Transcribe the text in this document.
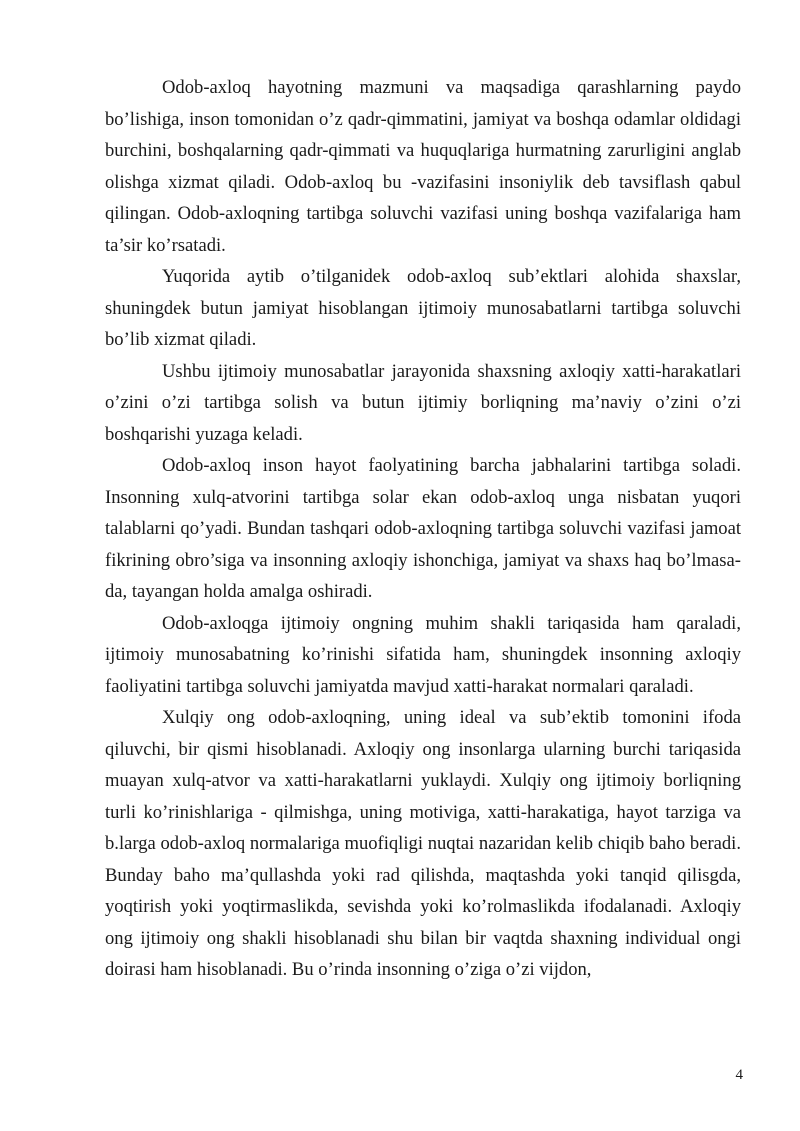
Odob-axloq hayotning mazmuni va maqsadiga qarashlarning paydo bo’lishiga, inson tomonidan o’z qadr-qimmatini, jamiyat va boshqa odamlar oldidagi burchini, boshqalarning qadr-qimmati va huquqlariga hurmatning zarurligini anglab olishga xizmat qiladi. Odob-axloq bu -vazifasini insoniylik deb tavsiflash qabul qilingan. Odob-axloqning tartibga soluvchi vazifasi uning boshqa vazifalariga ham ta’sir ko’rsatadi.

Yuqorida aytib o’tilganidek odob-axloq sub’ektlari alohida shaxslar, shuningdek butun jamiyat hisoblangan ijtimoiy munosabatlarni tartibga soluvchi bo’lib xizmat qiladi.

Ushbu ijtimoiy munosabatlar jarayonida shaxsning axloqiy xatti-harakatlari o’zini o’zi tartibga solish va butun ijtimiy borliqning ma’naviy o’zini o’zi boshqarishi yuzaga keladi.

Odob-axloq inson hayot faolyatining barcha jabhalarini tartibga soladi. Insonning xulq-atvorini tartibga solar ekan odob-axloq unga nisbatan yuqori talablarni qo’yadi. Bundan tashqari odob-axloqning tartibga soluvchi vazifasi jamoat fikrining obro’siga va insonning axloqiy ishonchiga, jamiyat va shaxs haq bo’lmasa-da, tayangan holda amalga oshiradi.

Odob-axloqga ijtimoiy ongning muhim shakli tariqasida ham qaraladi, ijtimoiy munosabatning ko’rinishi sifatida ham, shuningdek insonning axloqiy faoliyatini tartibga soluvchi jamiyatda mavjud xatti-harakat normalari qaraladi.

Xulqiy ong odob-axloqning, uning ideal va sub’ektib tomonini ifoda qiluvchi, bir qismi hisoblanadi. Axloqiy ong insonlarga ularning burchi tariqasida muayan xulq-atvor va xatti-harakatlarni yuklaydi. Xulqiy ong ijtimoiy borliqning turli ko’rinishlariga - qilmishga, uning motiviga, xatti-harakatiga, hayot tarziga va b.larga odob-axloq normalariga muofiqligi nuqtai nazaridan kelib chiqib baho beradi. Bunday baho ma’qullashda yoki rad qilishda, maqtashda yoki tanqid qilisgda, yoqtirish yoki yoqtirmaslikda, sevishda yoki ko’rolmaslikda ifodalanadi. Axloqiy ong ijtimoiy ong shakli hisoblanadi shu bilan bir vaqtda shaxning individual ongi doirasi ham hisoblanadi. Bu o’rinda insonning o’ziga o’zi vijdon,

4
